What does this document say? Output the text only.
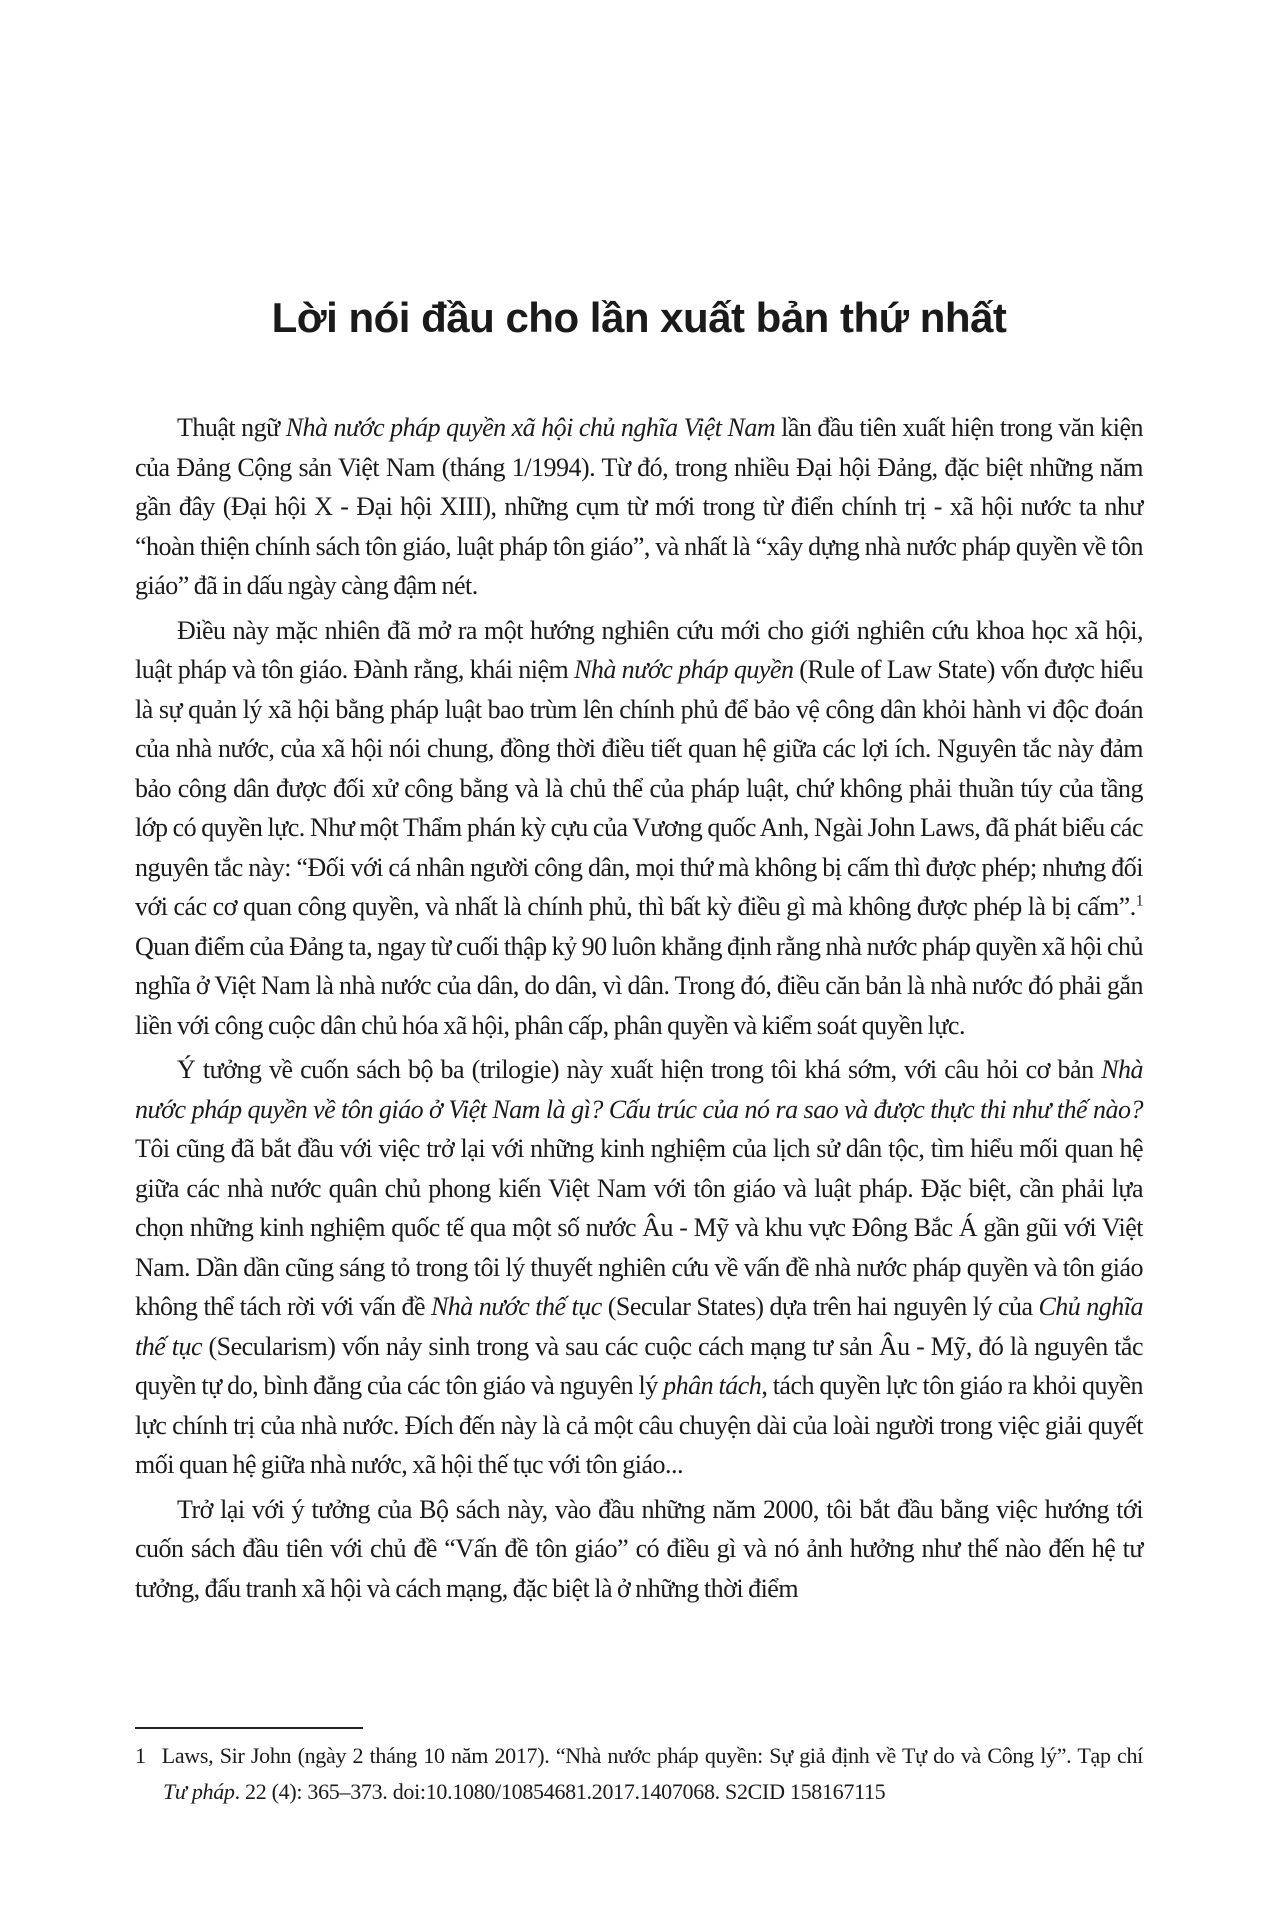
Lời nói đầu cho lần xuất bản thứ nhất

Thuật ngữ Nhà nước pháp quyền xã hội chủ nghĩa Việt Nam lần đầu tiên xuất hiện trong văn kiện của Đảng Cộng sản Việt Nam (tháng 1/1994). Từ đó, trong nhiều Đại hội Đảng, đặc biệt những năm gần đây (Đại hội X - Đại hội XIII), những cụm từ mới trong từ điển chính trị - xã hội nước ta như “hoàn thiện chính sách tôn giáo, luật pháp tôn giáo”, và nhất là “xây dựng nhà nước pháp quyền về tôn giáo” đã in dấu ngày càng đậm nét.

Điều này mặc nhiên đã mở ra một hướng nghiên cứu mới cho giới nghiên cứu khoa học xã hội, luật pháp và tôn giáo. Đành rằng, khái niệm Nhà nước pháp quyền (Rule of Law State) vốn được hiểu là sự quản lý xã hội bằng pháp luật bao trùm lên chính phủ để bảo vệ công dân khỏi hành vi độc đoán của nhà nước, của xã hội nói chung, đồng thời điều tiết quan hệ giữa các lợi ích. Nguyên tắc này đảm bảo công dân được đối xử công bằng và là chủ thể của pháp luật, chứ không phải thuần túy của tầng lớp có quyền lực. Như một Thẩm phán kỳ cựu của Vương quốc Anh, Ngài John Laws, đã phát biểu các nguyên tắc này: “Đối với cá nhân người công dân, mọi thứ mà không bị cấm thì được phép; nhưng đối với các cơ quan công quyền, và nhất là chính phủ, thì bất kỳ điều gì mà không được phép là bị cấm”.$^1$ Quan điểm của Đảng ta, ngay từ cuối thập kỷ 90 luôn khẳng định rằng nhà nước pháp quyền xã hội chủ nghĩa ở Việt Nam là nhà nước của dân, do dân, vì dân. Trong đó, điều căn bản là nhà nước đó phải gắn liền với công cuộc dân chủ hóa xã hội, phân cấp, phân quyền và kiểm soát quyền lực.

Ý tưởng về cuốn sách bộ ba (trilogie) này xuất hiện trong tôi khá sớm, với câu hỏi cơ bản Nhà nước pháp quyền về tôn giáo ở Việt Nam là gì? Cấu trúc của nó ra sao và được thực thi như thế nào? Tôi cũng đã bắt đầu với việc trở lại với những kinh nghiệm của lịch sử dân tộc, tìm hiểu mối quan hệ giữa các nhà nước quân chủ phong kiến Việt Nam với tôn giáo và luật pháp. Đặc biệt, cần phải lựa chọn những kinh nghiệm quốc tế qua một số nước Âu - Mỹ và khu vực Đông Bắc Á gần gũi với Việt Nam. Dần dần cũng sáng tỏ trong tôi lý thuyết nghiên cứu về vấn đề nhà nước pháp quyền và tôn giáo không thể tách rời với vấn đề Nhà nước thế tục (Secular States) dựa trên hai nguyên lý của Chủ nghĩa thế tục (Secularism) vốn nảy sinh trong và sau các cuộc cách mạng tư sản Âu - Mỹ, đó là nguyên tắc quyền tự do, bình đẳng của các tôn giáo và nguyên lý phân tách, tách quyền lực tôn giáo ra khỏi quyền lực chính trị của nhà nước. Đích đến này là cả một câu chuyện dài của loài người trong việc giải quyết mối quan hệ giữa nhà nước, xã hội thế tục với tôn giáo...

Trở lại với ý tưởng của Bộ sách này, vào đầu những năm 2000, tôi bắt đầu bằng việc hướng tới cuốn sách đầu tiên với chủ đề “Vấn đề tôn giáo” có điều gì và nó ảnh hưởng như thế nào đến hệ tư tưởng, đấu tranh xã hội và cách mạng, đặc biệt là ở những thời điểm

1 Laws, Sir John (ngày 2 tháng 10 năm 2017). “Nhà nước pháp quyền: Sự giả định về Tự do và Công lý”. Tạp chí Tư pháp. 22 (4): 365–373. doi:10.1080/10854681.2017.1407068. S2CID 158167115
